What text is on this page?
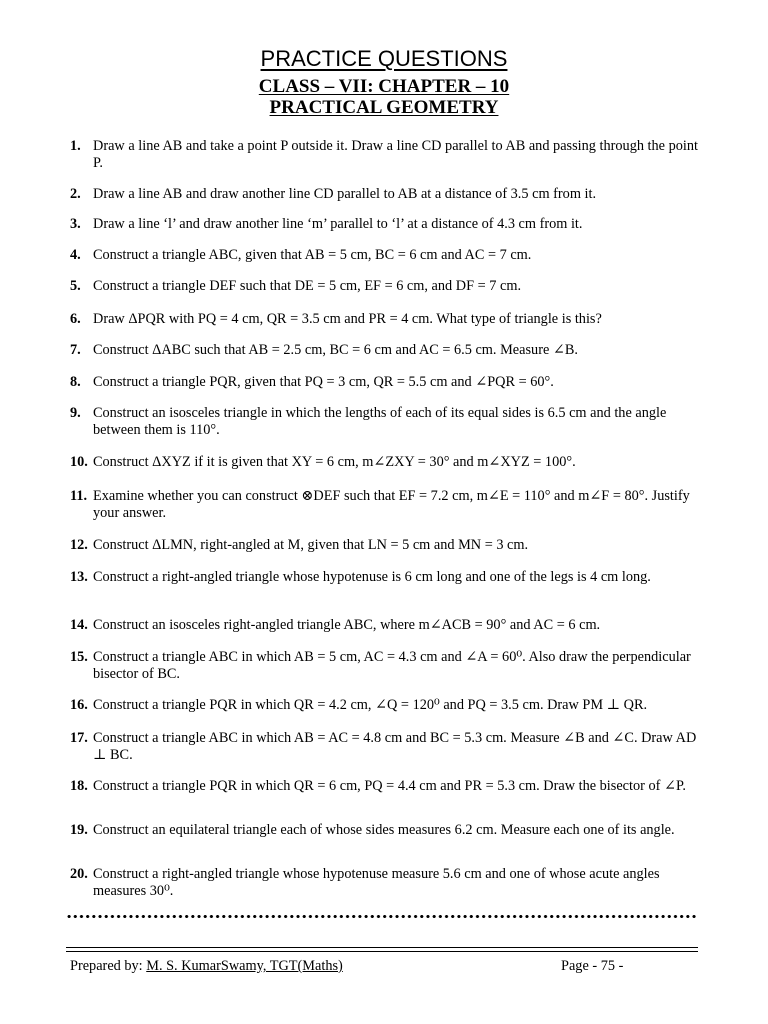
PRACTICE QUESTIONS
CLASS – VII: CHAPTER – 10
PRACTICAL GEOMETRY
1. Draw a line AB and take a point P outside it. Draw a line CD parallel to AB and passing through the point P.
2. Draw a line AB and draw another line CD parallel to AB at a distance of 3.5 cm from it.
3. Draw a line ‘l’ and draw another line ‘m’ parallel to ‘l’ at a distance of 4.3 cm from it.
4. Construct a triangle ABC, given that AB = 5 cm, BC = 6 cm and AC = 7 cm.
5. Construct a triangle DEF such that DE = 5 cm, EF = 6 cm, and DF = 7 cm.
6. Draw ΔPQR with PQ = 4 cm, QR = 3.5 cm and PR = 4 cm. What type of triangle is this?
7. Construct ΔABC such that AB = 2.5 cm, BC = 6 cm and AC = 6.5 cm. Measure ∠B.
8. Construct a triangle PQR, given that PQ = 3 cm, QR = 5.5 cm and ∠PQR = 60°.
9. Construct an isosceles triangle in which the lengths of each of its equal sides is 6.5 cm and the angle between them is 110°.
10. Construct ΔXYZ if it is given that XY = 6 cm, m∠ZXY = 30° and m∠XYZ = 100°.
11. Examine whether you can construct ⊗DEF such that EF = 7.2 cm, m∠E = 110° and m∠F = 80°. Justify your answer.
12. Construct ΔLMN, right-angled at M, given that LN = 5 cm and MN = 3 cm.
13. Construct a right-angled triangle whose hypotenuse is 6 cm long and one of the legs is 4 cm long.
14. Construct an isosceles right-angled triangle ABC, where m∠ACB = 90° and AC = 6 cm.
15. Construct a triangle ABC in which AB = 5 cm, AC = 4.3 cm and ∠A = 60⁰. Also draw the perpendicular bisector of BC.
16. Construct a triangle PQR in which QR = 4.2 cm, ∠Q = 120⁰ and PQ = 3.5 cm. Draw PM ⊥ QR.
17. Construct a triangle ABC in which AB = AC = 4.8 cm and BC = 5.3 cm. Measure ∠B and ∠C. Draw AD ⊥ BC.
18. Construct a triangle PQR in which QR = 6 cm, PQ = 4.4 cm and PR = 5.3 cm. Draw the bisector of ∠P.
19. Construct an equilateral triangle each of whose sides measures 6.2 cm. Measure each one of its angle.
20. Construct a right-angled triangle whose hypotenuse measure 5.6 cm and one of whose acute angles measures 30⁰.
Prepared by: M. S. KumarSwamy, TGT(Maths)	Page - 75 -
